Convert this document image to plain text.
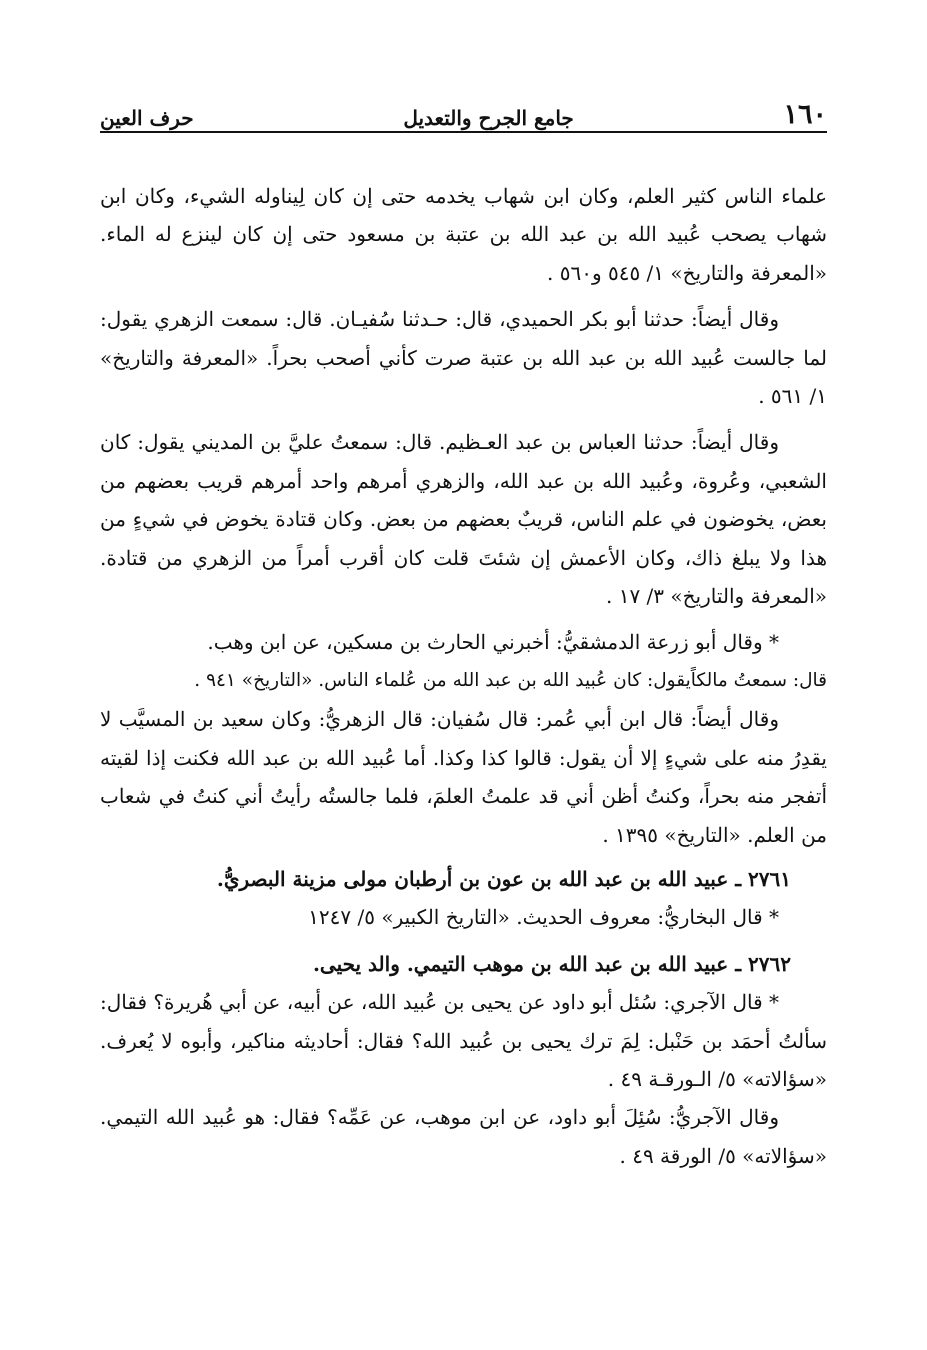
١٦٠
جامع الجرح والتعديل
حرف العين

علماء الناس كثير العلم، وكان ابن شهاب يخدمه حتى إن كان لِيناوله الشيء، وكان ابن شهاب يصحب عُبيد الله بن عبد الله بن عتبة بن مسعود حتى إن كان لينزع له الماء. «المعرفة والتاريخ» ١/ ٥٤٥ و٥٦٠ .

وقال أيضاً: حدثنا أبو بكر الحميدي، قال: حـدثنا سُفيـان. قال: سمعت الزهري يقول: لما جالست عُبيد الله بن عبد الله بن عتبة صرت كأني أصحب بحراً. «المعرفة والتاريخ» ١/ ٥٦١ .

وقال أيضاً: حدثنا العباس بن عبد العـظيم. قال: سمعتُ عليَّ بن المديني يقول: كان الشعبي، وعُروة، وعُبيد الله بن عبد الله، والزهري أمرهم واحد أمرهم قريب بعضهم من بعض، يخوضون في علم الناس، قريبٌ بعضهم من بعض. وكان قتادة يخوض في شيءٍ من هذا ولا يبلغ ذاك، وكان الأعمش إن شئتَ قلت كان أقرب أمراً من الزهري من قتادة. «المعرفة والتاريخ» ٣/ ١٧ .

* وقال أبو زرعة الدمشقيُّ: أخبرني الحارث بن مسكين، عن ابن وهب.

قال: سمعتُ مالكاًيقول: كان عُبيد الله بن عبد الله من عُلماء الناس. «التاريخ» ٩٤١ .

وقال أيضاً: قال ابن أبي عُمر: قال سُفيان: قال الزهريُّ: وكان سعيد بن المسيَّب لا يقدِرُ منه على شيءٍ إلا أن يقول: قالوا كذا وكذا. أما عُبيد الله بن عبد الله فكنت إذا لقيته أتفجر منه بحراً، وكنتُ أظن أني قد علمتُ العلمَ، فلما جالستُه رأيتُ أني كنتُ في شعاب من العلم. «التاريخ» ١٣٩٥ .

٢٧٦١ ـ عبيد الله بن عبد الله بن عون بن أرطبان مولى مزينة البصريُّ.

* قال البخاريُّ: معروف الحديث. «التاريخ الكبير» ٥/ ١٢٤٧

٢٧٦٢ ـ عبيد الله بن عبد الله بن موهب التيمي. والد يحيى.

* قال الآجري: سُئل أبو داود عن يحيى بن عُبيد الله، عن أبيه، عن أبي هُريرة؟ فقال: سألتُ أحمَد بن حَنْبل: لِمَ ترك يحيى بن عُبيد الله؟ فقال: أحاديثه مناكير، وأبوه لا يُعرف. «سؤالاته» ٥/ الـورقـة ٤٩ .

وقال الآجريُّ: سُئِلَ أبو داود، عن ابن موهب، عن عَمِّه؟ فقال: هو عُبيد الله التيمي. «سؤالاته» ٥/ الورقة ٤٩ .
